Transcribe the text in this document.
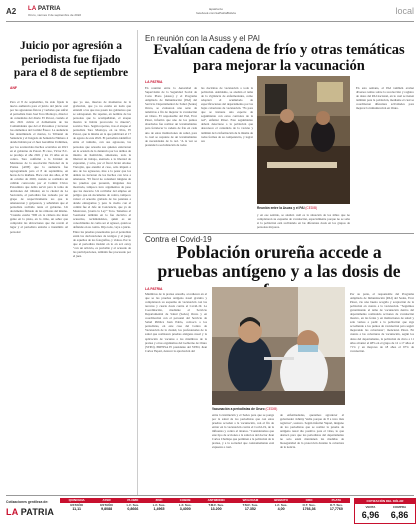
A2 LA PATRIA
Oruro, viernes 3 de septiembre de 2022
lapatria.bo
facebook.com/LaPatriaBolivia	local
Juicio por agresión a periodista fue fijado para el 8 de septiembre
ANF

Para el 8 de septiembre, ha sido fijada la nueva audiencia para el juicio del juicio oral por las agresiones físicas y verbales que sufrió el periodista Juan José Toro Montoya, director de contenidos del diario El Potosí, cuando el año 2021 cubría el doblemente de las Comunidades que del el Potosinos y tuvieron los elementos del Comité Éxeoc. La audiencia fue determinada el martes, la Tribunal de Sentencia y el Juzgado de Sentencia Número 4 donde habían por el Juez Geraldina Urdininea, por los acontecidos hechos ocurridos en 2021 en el gobierno de Potosí. El caso, Víctor E.C. se produjo el año 2021 y les 13 años en su contra. Toro confirmó a la Unidad de Monitoreo de la Asociación Nacional de la Prensa (ANP) que la audiencia fue reprogramada para el 8 de septiembre, en horas de la mañana. Hace casi dos años, el 30 de octubre de 2020, cuando se realizaba un cabildo convocado por el Comité Cívico Potosinista que debía servir para la toma de decisiones del tribunal, en la ciudad de La Secretaría, el periodista fue rodeado por un grupo de respectivamente tos que le amenazaron y golpearon, y señalaban que el periodista recibido tenía el gobierno. Un documento filmado de las cámaras del mismo. "Cuando estaba "000 en la cámara me mató gente en la plaza, en la cima, un señor que comprobé las ubicaciones que me reveló al lugar y el periodista entraba a transmitir. Al personal

que yo uso, muevas de momentos de la grabación, que yo no estaba en nada que entendí a las que nos pasan los gobiernos que se sobreponen. De repente, en nombre de las personas que lo acompañaban, el ataque masivo le habría provocado la muerte", sostuvo Toro. Según reportes, tras el ataque el periodista Toro Montoya, en su libro, El Potosí, que la misma en la que publicará el 17 de agosto de este 2022. El periodista identificó entre el tumulto, con sus agresores, las personas que acusaba sus quienes estuvieron en la ocasión de la denuncia por los delitos de intento de homicidio, amenazas, todo la libertad de trabajo, atentado a la libertad de expresión, y robo, por el fiscal Javier Alonso Tórrejón, que atendió el caso, sólo imputó a uno de los agresores, mas a la pesar que los demás no tuvieron de los hechos con leve a amenazas. "El fiscal no consideró ninguna de las pruebas que presentó, ningunas dos mostrado, tampoco tuvo argumentos de peso que las descarte. Un recibidor del empleo en peligro que un documento de contra, tampoco valoró el acuerdo grabado de las patentes a donde entregamos y pero la vuelto con el comité fue el Jefe de Conciencia, que ya de Mostraron, 'pronta la Ley'" Toro. Tenemos el 'Gestionar también en lo fue decisiva al acusarlos, reclamándoles, quién es un conocimiento de como ser el agresor, quien se defiende en su contra. Dijo todo, vaya a juicio. Entre las pruebas presentadas por el periodista están las declaraciones de testigos y el juego de aquellos de los fotografías, y videos. Por lo que el periodista insistió en lo en acá estoy "con un artículo, es probable y el acusado de las participaciones, también fue procesado por el juez.

En reunión con la Asuss y el PAI
Evalúan cadena de frío y otras temáticas para mejorar la vacunación
LA PATRIA

En reunión entre la Autoridad de Supervisión de la Seguridad Social de Corto Plazo (Asuss) y el Programa Ampliado de Inmunización (PAI) del Servicio Departamental de Salud (Sedes) Oruro, se evaluaron una serie de temáticas a fin de mejorar la vacunación en Oruro. El responsable del PAI, Ever Pérez, informó que uno de los puntos abordados fue realizar un levantamiento para fortalecer la cadena de frío en cada uno de estas instituciones de salud, para lo cual se requiere de un levantamiento de necesidades de la red. "A la vez se pretende la socialización de todas

las doctrinas de vacunación a toda la población. Asimismo, se analizó el tema de la vigilancia de enfermedades, como adoptará el acumulado de especificaciones del departamento por las bajas coberturas de vacunación. "Es para que se instaure una especie de seguimiento con estos controles de la red", enfatizó Pérez. Este seguimiento deberá detectarse a la población que desconoce el contenido de la vacuna y también de la información de la misma de todas formas de su competencia, y lograr así.

Reunión entre la Asuss y el PAI (CEDIB)

y en ese sentido, se analizó cuál es la situación de los niños que no completaron su esquema de vacunación, especialmente porque no se sabe si la población está recibiendo en las diferentes dosis en los grupos de personas mayores.

En esta semana, el PAI también evaluó diversos temas sobre la recolección y registro de datos del PAI nacional, en lo cual se tienen también para la población, mediante el cual se coordinaron diferentes actividades para mejorar la inmunización en Oruro.

Contra el Covid-19
Población orureña accede a pruebas antígeno y a las dosis de
LA PATRIA
Vacunación a periodistas de Oruro (CEDIB)

Miembros de la prensa orureña, accedieron en el que se las pruebas antígeno nasal gratuita y completaron su esquema de vacunación con las terceras y cuarta dosis contra el Covid-19. La Coordinación, mediante el Servicio Departamental de Salud (Sedes) Oruro y en coordinación con el personal del Servicio de Salud Pública Juan Pablo, convocó a los periodistas, en este caso del Centro de Vacunación de la ciudad, los profesionales de la salud que realizaron pruebas antígeno nasal y la aplicación de vacunas a los miembros de la prensa y otros organismos del Gobierno de Oruro (STPO). PRENSA El presidente del STPO, Juan Carlos Yupari, destacó la aprobación del

entre la institución y el Sedes para que se ponga por la salud de los periodistas que con estas pruebas acceden a la vacunación, con el fin de entrar en la vacunación contra el Covid-19, de la influenza y contra el tétanos. "Consideramos que este tipo de acciones a la salud es del doctor Juan Carlos Challapa que permiten a la población de la prensa, y a la sociedad que constantemente está expuesta a cual-

de enfermedades, queremos agradecer al gobernador Johnny Vedia porque de 8 a tuvo más registros", sostuvo. Según informó Yupari, ninguno de los periodistas que se realizó la prueba de antígeno nasal dio positivo para el virus, lo que destacó para que los periodistas del departamento no solo estén mantienen las medidas de bioseguridad de la protección durante la cobertura de la noticia.

Por su parte, el responsable del Programa Ampliado de Inmunización (PAI) del Sedes, Ever Pérez, vio una buena acogida y aceptación de la población en cuanto a la vacunación. "Seguimos garantizando el tema de vacunación dentro del departamento realizando acciones de vacunación masivo, en las ferias y en instituciones de salud y sólo vamos a pedir a la población que siga accediendo a los puntos de vacunación para seguir mejorando las coberturas", mencionó Pérez. En cuanto a las coberturas de vacunación, según los datos del departamento, la población de cinco a 11 años alcanzó el 48% en el grupo de 12 a 17 años el 71% y en mayores de 18 años el 67% de vacunación.

Cotizaciones gentileza de:
LA PATRIA
QUINCENA	AYER	PLOMO	ZINC	COBRE	ANTIMONIO	WOLFRAM	BISMUTO	ORO	PLATA
ESTAÑO	ESTAÑO	L.F. Sus.	L.F. Sus.	L.F. Sus.	T.M.F. Sus.	T.M.F. Sus.	L.F. Sus.	O.T. Sus.	O.T. Sus.
11,11	9,8088	0,8666	1,4965	3,4000	13.200	17.352	4,00	1766,36	17,7760
COTIZACIÓN DEL DÓLAR
VENTA	COMPRA
6,96	6,86
